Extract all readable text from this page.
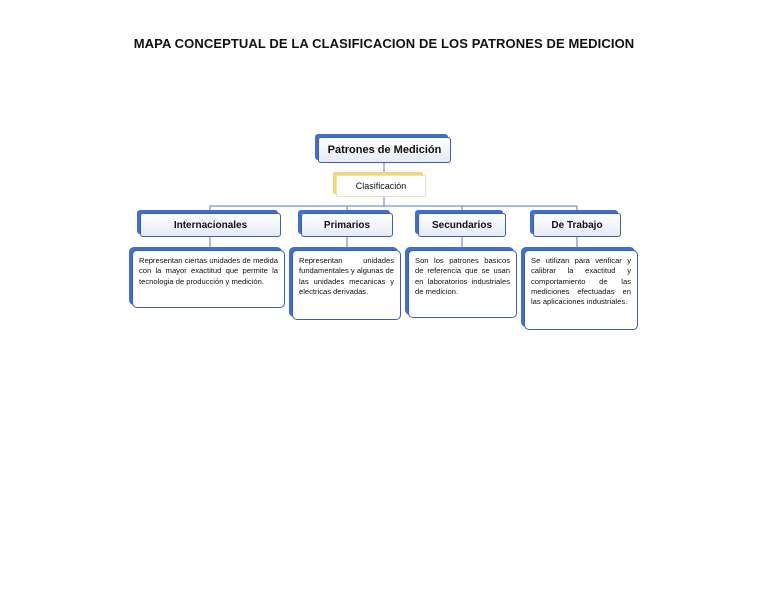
MAPA CONCEPTUAL DE LA CLASIFICACION DE LOS PATRONES DE MEDICION
Patrones de Medición
Clasificación
Internacionales	Primarios	Secundarios	De Trabajo
Representan ciertas unidades de medida con la mayor exactitud que permite la tecnologia de producción y medición.
Representan unidades fundamentales y algunas de las unidades mecanicas y electricas derivadas.
Son los patrones basicos de referencia que se usan en laboratorios industriales de medicion.
Se utilizan para verificar y calibrar la exactitud y comportamiento de las mediciones efectuadas en las aplicaciones industriales.
